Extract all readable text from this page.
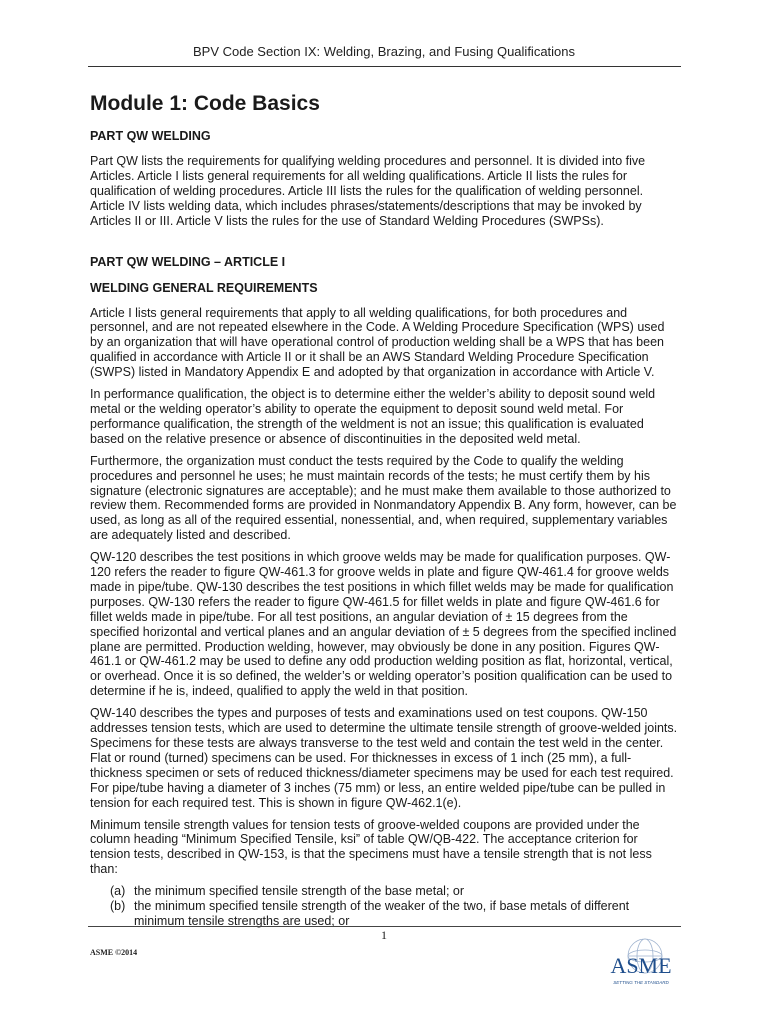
BPV Code Section IX: Welding, Brazing, and Fusing Qualifications
Module 1: Code Basics
PART QW WELDING

Part QW lists the requirements for qualifying welding procedures and personnel. It is divided into five Articles. Article I lists general requirements for all welding qualifications. Article II lists the rules for qualification of welding procedures. Article III lists the rules for the qualification of welding personnel. Article IV lists welding data, which includes phrases/statements/descriptions that may be invoked by Articles II or III. Article V lists the rules for the use of Standard Welding Procedures (SWPSs).

PART QW WELDING – ARTICLE I
WELDING GENERAL REQUIREMENTS

Article I lists general requirements that apply to all welding qualifications, for both procedures and personnel, and are not repeated elsewhere in the Code. A Welding Procedure Specification (WPS) used by an organization that will have operational control of production welding shall be a WPS that has been qualified in accordance with Article II or it shall be an AWS Standard Welding Procedure Specification (SWPS) listed in Mandatory Appendix E and adopted by that organization in accordance with Article V.

In performance qualification, the object is to determine either the welder’s ability to deposit sound weld metal or the welding operator’s ability to operate the equipment to deposit sound weld metal. For performance qualification, the strength of the weldment is not an issue; this qualification is evaluated based on the relative presence or absence of discontinuities in the deposited weld metal.

Furthermore, the organization must conduct the tests required by the Code to qualify the welding procedures and personnel he uses; he must maintain records of the tests; he must certify them by his signature (electronic signatures are acceptable); and he must make them available to those authorized to review them. Recommended forms are provided in Nonmandatory Appendix B. Any form, however, can be used, as long as all of the required essential, nonessential, and, when required, supplementary variables are adequately listed and described.

QW-120 describes the test positions in which groove welds may be made for qualification purposes. QW-120 refers the reader to figure QW-461.3 for groove welds in plate and figure QW-461.4 for groove welds made in pipe/tube. QW-130 describes the test positions in which fillet welds may be made for qualification purposes. QW-130 refers the reader to figure QW-461.5 for fillet welds in plate and figure QW-461.6 for fillet welds made in pipe/tube. For all test positions, an angular deviation of ± 15 degrees from the specified horizontal and vertical planes and an angular deviation of ± 5 degrees from the specified inclined plane are permitted. Production welding, however, may obviously be done in any position. Figures QW-461.1 or QW-461.2 may be used to define any odd production welding position as flat, horizontal, vertical, or overhead. Once it is so defined, the welder’s or welding operator’s position qualification can be used to determine if he is, indeed, qualified to apply the weld in that position.

QW-140 describes the types and purposes of tests and examinations used on test coupons. QW-150 addresses tension tests, which are used to determine the ultimate tensile strength of groove-welded joints. Specimens for these tests are always transverse to the test weld and contain the test weld in the center. Flat or round (turned) specimens can be used. For thicknesses in excess of 1 inch (25 mm), a full-thickness specimen or sets of reduced thickness/diameter specimens may be used for each test required. For pipe/tube having a diameter of 3 inches (75 mm) or less, an entire welded pipe/tube can be pulled in tension for each required test. This is shown in figure QW-462.1(e).

Minimum tensile strength values for tension tests of groove-welded coupons are provided under the column heading “Minimum Specified Tensile, ksi” of table QW/QB-422. The acceptance criterion for tension tests, described in QW-153, is that the specimens must have a tensile strength that is not less than:

(a) the minimum specified tensile strength of the base metal; or
(b) the minimum specified tensile strength of the weaker of the two, if base metals of different minimum tensile strengths are used; or
1
ASME ©2014
ASME
SETTING THE STANDARD
